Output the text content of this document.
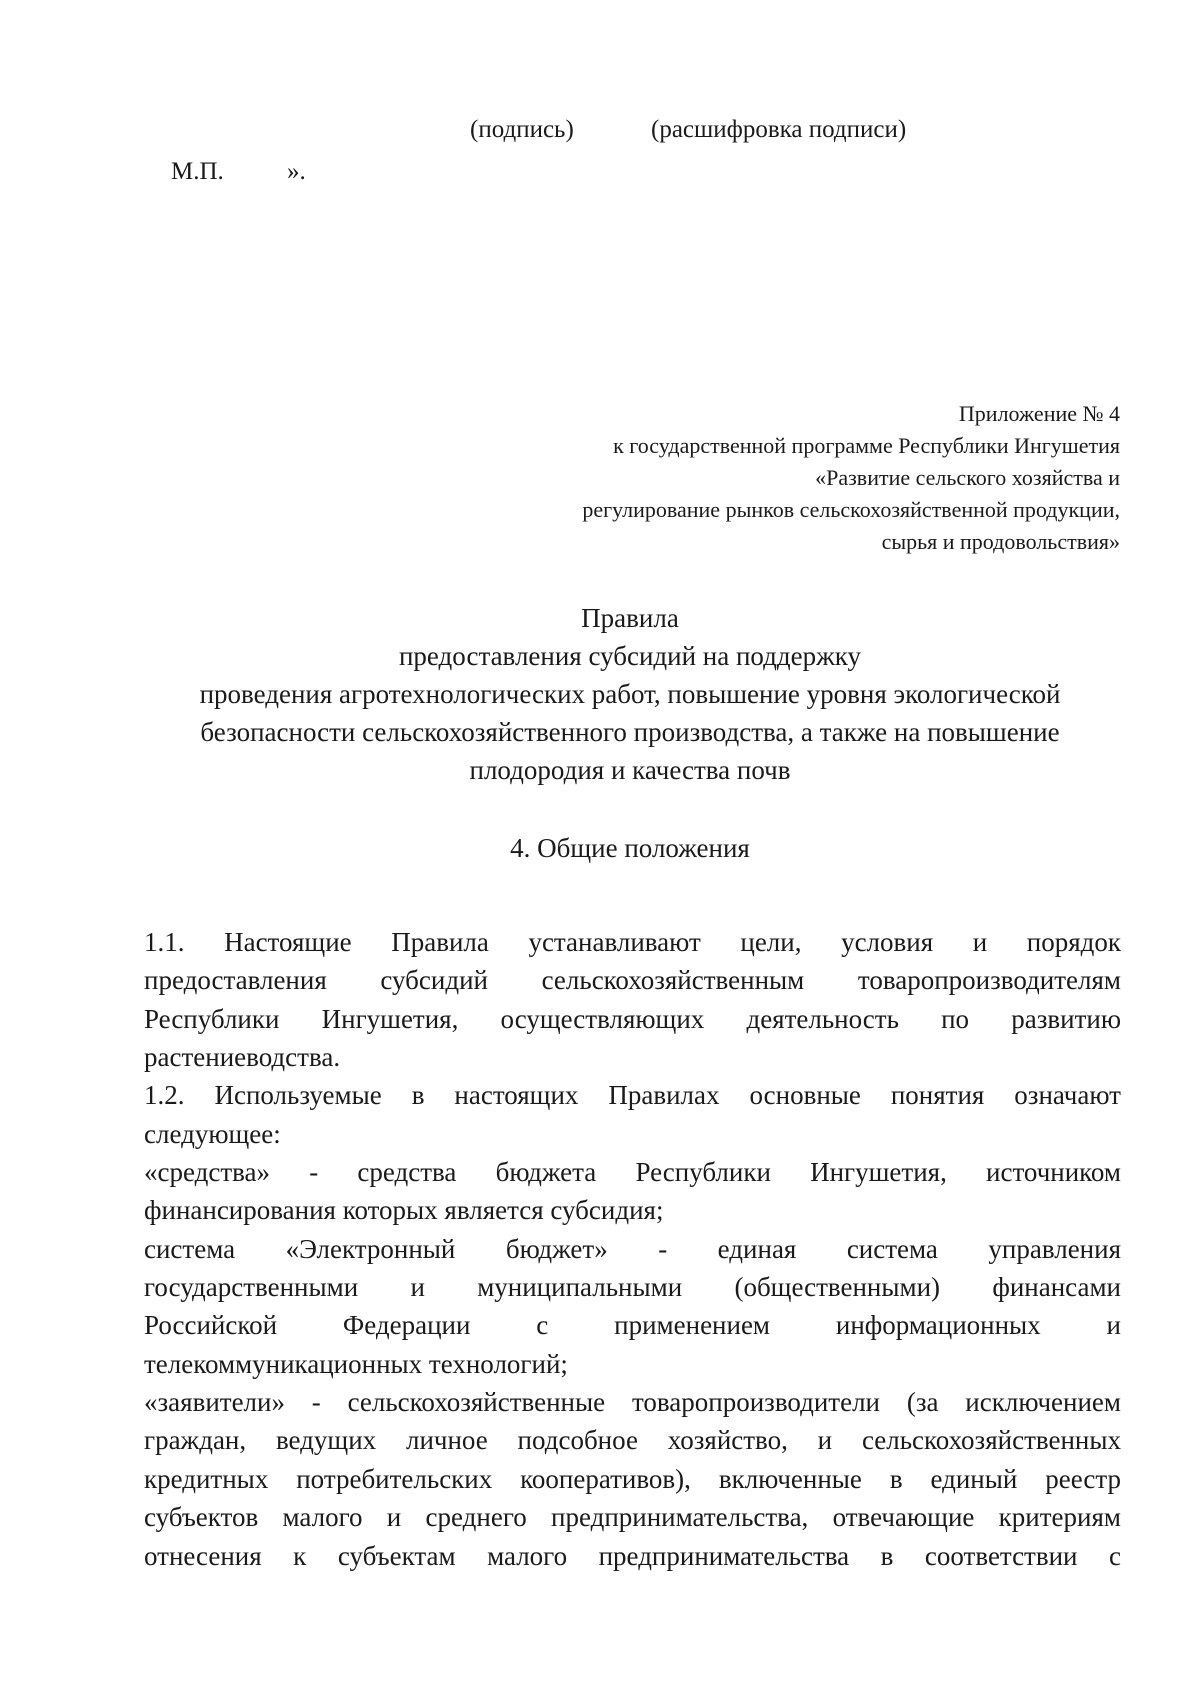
(подпись)	(расшифровка подписи)
М.П.	».
Приложение № 4
к государственной программе Республики Ингушетия
«Развитие сельского хозяйства и
регулирование рынков сельскохозяйственной продукции,
сырья и продовольствия»
Правила
предоставления субсидий на поддержку
проведения агротехнологических работ, повышение уровня экологической
безопасности сельскохозяйственного производства, а также на повышение
плодородия и качества почв
4. Общие положения
1.1. Настоящие Правила устанавливают цели, условия и порядок
предоставления субсидий сельскохозяйственным товаропроизводителям
Республики Ингушетия, осуществляющих деятельность по развитию
растениеводства.
1.2. Используемые в настоящих Правилах основные понятия означают
следующее:
«средства» - средства бюджета Республики Ингушетия, источником
финансирования которых является субсидия;
система «Электронный бюджет» - единая система управления
государственными и муниципальными (общественными) финансами
Российской Федерации с применением информационных и
телекоммуникационных технологий;
«заявители» - сельскохозяйственные товаропроизводители (за исключением
граждан, ведущих личное подсобное хозяйство, и сельскохозяйственных
кредитных потребительских кооперативов), включенные в единый реестр
субъектов малого и среднего предпринимательства, отвечающие критериям
отнесения к субъектам малого предпринимательства в соответствии с
